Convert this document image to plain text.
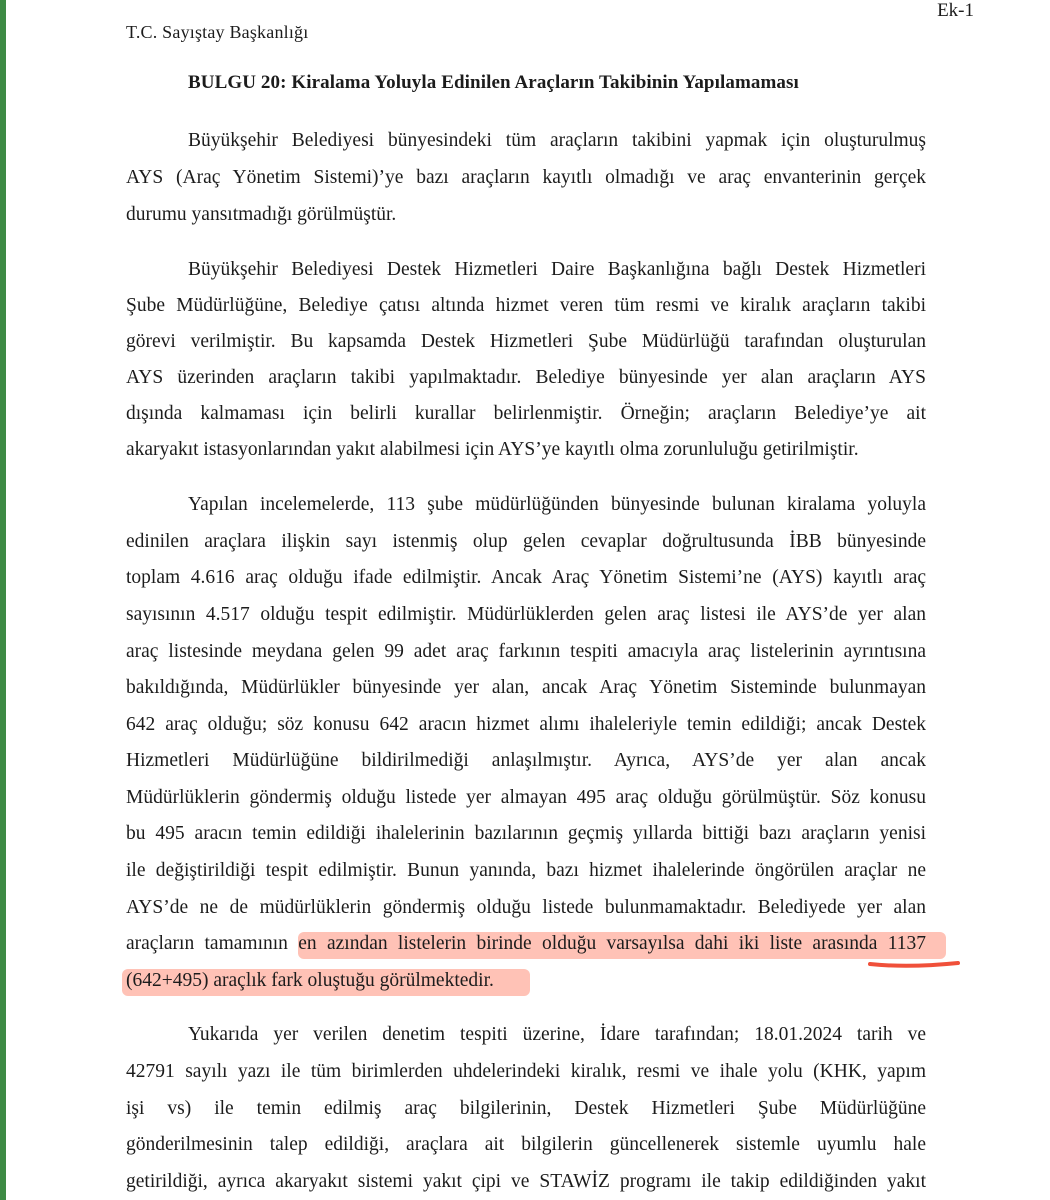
T.C. Sayıştay Başkanlığı
Ek-1
BULGU 20: Kiralama Yoluyla Edinilen Araçların Takibinin Yapılamaması
Büyükşehir Belediyesi bünyesindeki tüm araçların takibini yapmak için oluşturulmuş
AYS (Araç Yönetim Sistemi)’ye bazı araçların kayıtlı olmadığı ve araç envanterinin gerçek
durumu yansıtmadığı görülmüştür.
Büyükşehir Belediyesi Destek Hizmetleri Daire Başkanlığına bağlı Destek Hizmetleri
Şube Müdürlüğüne, Belediye çatısı altında hizmet veren tüm resmi ve kiralık araçların takibi
görevi verilmiştir. Bu kapsamda Destek Hizmetleri Şube Müdürlüğü tarafından oluşturulan
AYS üzerinden araçların takibi yapılmaktadır. Belediye bünyesinde yer alan araçların AYS
dışında kalmaması için belirli kurallar belirlenmiştir. Örneğin; araçların Belediye’ye ait
akaryakıt istasyonlarından yakıt alabilmesi için AYS’ye kayıtlı olma zorunluluğu getirilmiştir.
Yapılan incelemelerde, 113 şube müdürlüğünden bünyesinde bulunan kiralama yoluyla
edinilen araçlara ilişkin sayı istenmiş olup gelen cevaplar doğrultusunda İBB bünyesinde
toplam 4.616 araç olduğu ifade edilmiştir. Ancak Araç Yönetim Sistemi’ne (AYS) kayıtlı araç
sayısının 4.517 olduğu tespit edilmiştir. Müdürlüklerden gelen araç listesi ile AYS’de yer alan
araç listesinde meydana gelen 99 adet araç farkının tespiti amacıyla araç listelerinin ayrıntısına
bakıldığında, Müdürlükler bünyesinde yer alan, ancak Araç Yönetim Sisteminde bulunmayan
642 araç olduğu; söz konusu 642 aracın hizmet alımı ihaleleriyle temin edildiği; ancak Destek
Hizmetleri Müdürlüğüne bildirilmediği anlaşılmıştır. Ayrıca, AYS’de yer alan ancak
Müdürlüklerin göndermiş olduğu listede yer almayan 495 araç olduğu görülmüştür. Söz konusu
bu 495 aracın temin edildiği ihalelerinin bazılarının geçmiş yıllarda bittiği bazı araçların yenisi
ile değiştirildiği tespit edilmiştir. Bunun yanında, bazı hizmet ihalelerinde öngörülen araçlar ne
AYS’de ne de müdürlüklerin göndermiş olduğu listede bulunmamaktadır. Belediyede yer alan
araçların tamamının en azından listelerin birinde olduğu varsayılsa dahi iki liste arasında 1137
(642+495) araçlık fark oluştuğu görülmektedir.
Yukarıda yer verilen denetim tespiti üzerine, İdare tarafından; 18.01.2024 tarih ve
42791 sayılı yazı ile tüm birimlerden uhdelerindeki kiralık, resmi ve ihale yolu (KHK, yapım
işi vs) ile temin edilmiş araç bilgilerinin, Destek Hizmetleri Şube Müdürlüğüne
gönderilmesinin talep edildiği, araçlara ait bilgilerin güncellenerek sistemle uyumlu hale
getirildiği, ayrıca akaryakıt sistemi yakıt çipi ve STAWİZ programı ile takip edildiğinden yakıt
